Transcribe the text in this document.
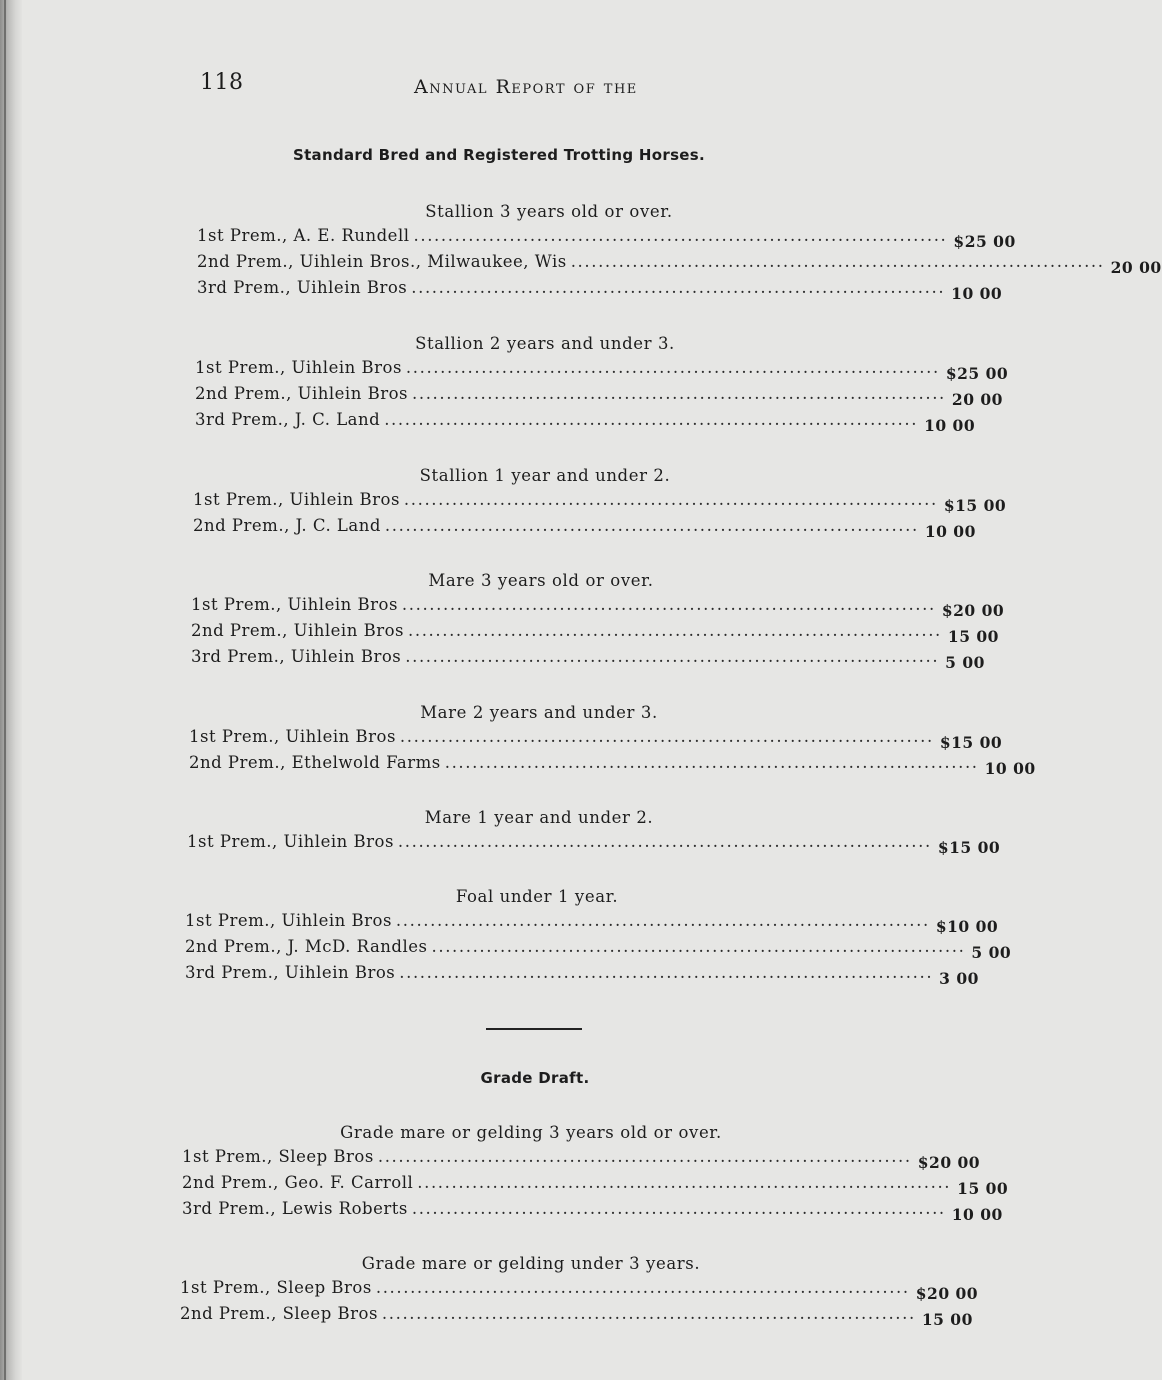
118	Annual Report of the
Standard Bred and Registered Trotting Horses.
Stallion 3 years old or over.
1st Prem. , A. E. Rundell .............................................................................. $25 00
2nd Prem. , Uihlein Bros., Milwaukee, Wis .............................................................................. 20 00
3rd Prem. , Uihlein Bros .............................................................................. 10 00
Stallion 2 years and under 3.
1st Prem. , Uihlein Bros .............................................................................. $25 00
2nd Prem. , Uihlein Bros .............................................................................. 20 00
3rd Prem. , J. C. Land .............................................................................. 10 00
Stallion 1 year and under 2.
1st Prem. , Uihlein Bros .............................................................................. $15 00
2nd Prem. , J. C. Land .............................................................................. 10 00
Mare 3 years old or over.
1st Prem. , Uihlein Bros .............................................................................. $20 00
2nd Prem. , Uihlein Bros .............................................................................. 15 00
3rd Prem. , Uihlein Bros .............................................................................. 5 00
Mare 2 years and under 3.
1st Prem. , Uihlein Bros .............................................................................. $15 00
2nd Prem. , Ethelwold Farms .............................................................................. 10 00
Mare 1 year and under 2.
1st Prem. , Uihlein Bros .............................................................................. $15 00
Foal under 1 year.
1st Prem. , Uihlein Bros .............................................................................. $10 00
2nd Prem. , J. McD. Randles .............................................................................. 5 00
3rd Prem. , Uihlein Bros .............................................................................. 3 00
Grade Draft.
Grade mare or gelding 3 years old or over.
1st Prem. , Sleep Bros .............................................................................. $20 00
2nd Prem. , Geo. F. Carroll .............................................................................. 15 00
3rd Prem. , Lewis Roberts .............................................................................. 10 00
Grade mare or gelding under 3 years.
1st Prem. , Sleep Bros .............................................................................. $20 00
2nd Prem. , Sleep Bros .............................................................................. 15 00
